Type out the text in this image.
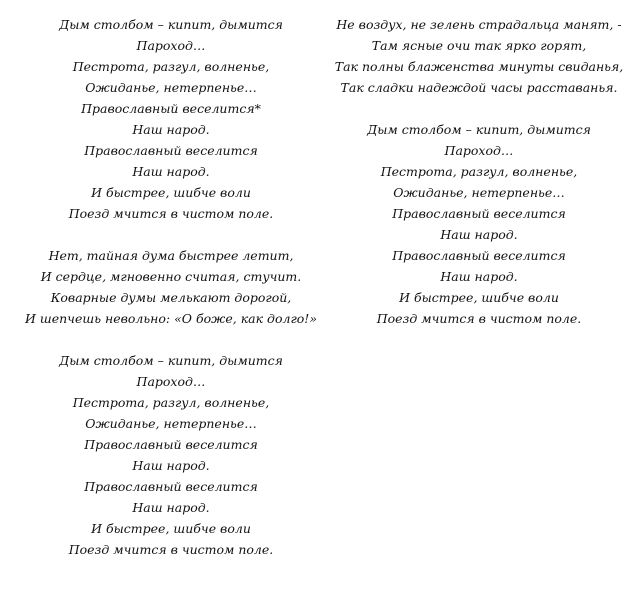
Дым столбом – кипит, дымится
Пароход…
Пестрота, разгул, волненье,
Ожиданье, нетерпенье…
Православный веселится*
Наш народ.
Православный веселится
Наш народ.
И быстрее, шибче воли
Поезд мчится в чистом поле.
Нет, тайная дума быстрее летит,
И сердце, мгновенно считая, стучит.
Коварные думы мелькают дорогой,
И шепчешь невольно: «О боже, как долго!»
Дым столбом – кипит, дымится
Пароход…
Пестрота, разгул, волненье,
Ожиданье, нетерпенье…
Православный веселится
Наш народ.
Православный веселится
Наш народ.
И быстрее, шибче воли
Поезд мчится в чистом поле.
Не воздух, не зелень страдальца манят, -
Там ясные очи так ярко горят,
Так полны блаженства минуты свиданья,
Так сладки надеждой часы расставанья.
Дым столбом – кипит, дымится
Пароход…
Пестрота, разгул, волненье,
Ожиданье, нетерпенье…
Православный веселится
Наш народ.
Православный веселится
Наш народ.
И быстрее, шибче воли
Поезд мчится в чистом поле.
